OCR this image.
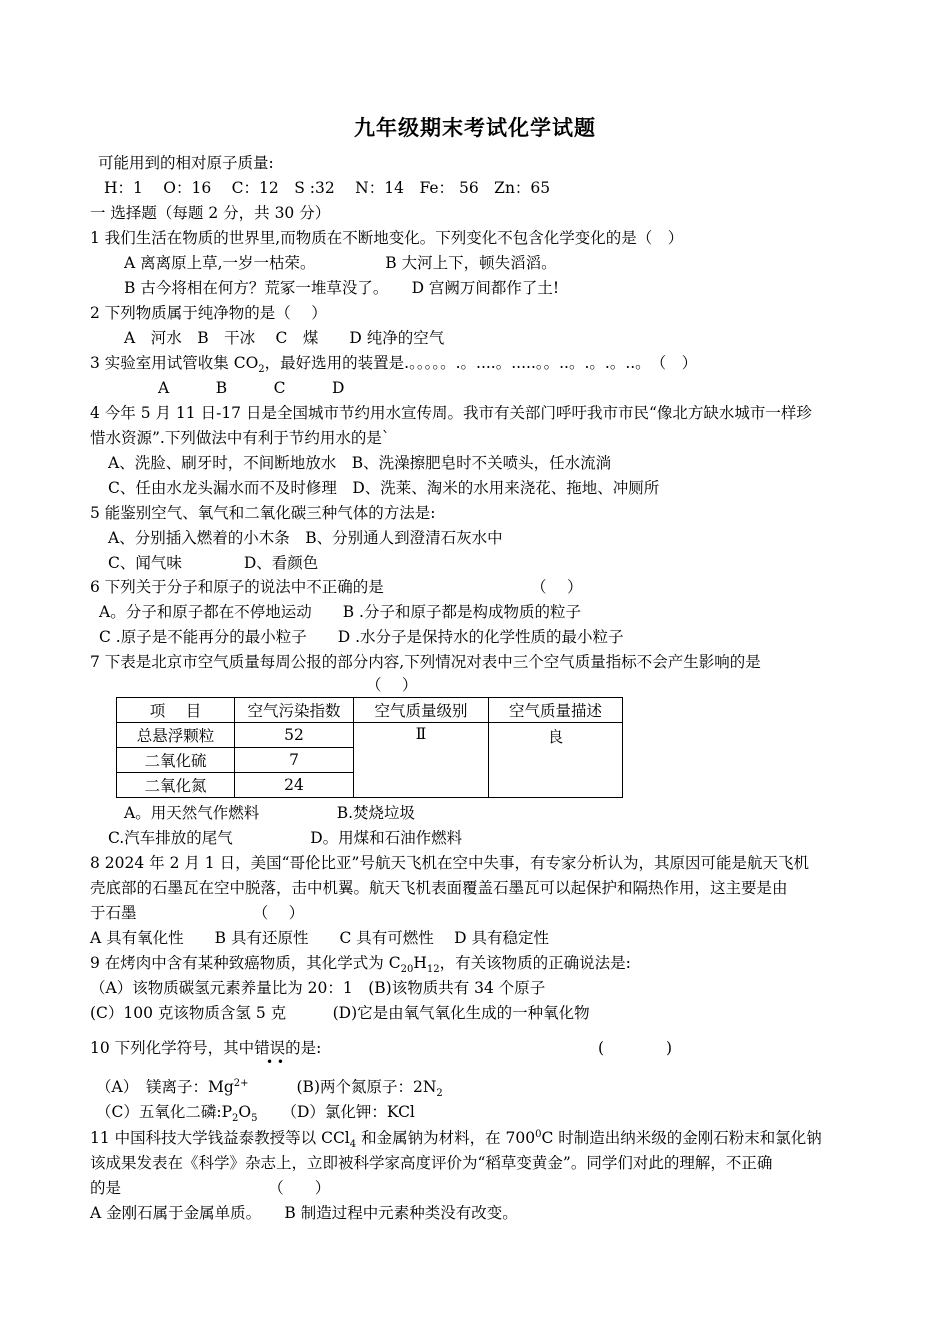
九年级期末考试化学试题
可能用到的相对原子质量:
H：1　 O：16　 C：12　S :32　 N：14　Fe： 56　Zn：65
一 选择题（每题 2 分，共 30 分）
1 我们生活在物质的世界里,而物质在不断地变化。下列变化不包含化学变化的是（　）
A 离离原上草,一岁一枯荣。　　　　　B 大河上下，顿失滔滔。
B 古今将相在何方？荒冢一堆草没了。　　D 宫阙万间都作了土!
2 下列物质属于纯净物的是（　 ）
A　河水　B　干冰　 C　煤　　D 纯净的空气
3 实验室用试管收集 $CO_2$，最好选用的装置是.。。。。。.。....。.....。。..。.。.。..。　（　）
A　　　B　　　C　　　D
4 今年 5 月 11 日-17 日是全国城市节约用水宣传周。我市有关部门呼吁我市市民“像北方缺水城市一样珍
惜水资源”.下列做法中有利于节约用水的是`
A、洗脸、刷牙时，不间断地放水　B、洗澡擦肥皂时不关喷头，任水流淌
C、任由水龙头漏水而不及时修理　D、洗莱、淘米的水用来浇花、拖地、冲厕所
5 能鉴别空气、氧气和二氧化碳三种气体的方法是:
A、分别插入燃着的小木条　B、分别通人到澄清石灰水中
C、闻气味　　　　D、看颜色
6 下列关于分子和原子的说法中不正确的是　　　　　　　　　　（　 ）
A。分子和原子都在不停地运动　　B .分子和原子都是构成物质的粒子
C .原子是不能再分的最小粒子　　D .水分子是保持水的化学性质的最小粒子
7 下表是北京市空气质量每周公报的部分内容,下列情况对表中三个空气质量指标不会产生影响的是
（　 ）
项　 目	空气污染指数	空气质量级别	空气质量描述
总悬浮颗粒	52	Ⅱ	良
二氧化硫	7		
二氧化氮	24		
A。用天然气作燃料　　　　　B.焚烧垃圾
C.汽车排放的尾气　　　　　D。用煤和石油作燃料
8 2024 年 2 月 1 日，美国“哥伦比亚”号航天飞机在空中失事，有专家分析认为，其原因可能是航天飞机
壳底部的石墨瓦在空中脱落，击中机翼。航天飞机表面覆盖石墨瓦可以起保护和隔热作用，这主要是由
于石墨　　　　　　　　（　 ）
A 具有氧化性　　B 具有还原性　　C 具有可燃性　 D 具有稳定性
9 在烤肉中含有某种致癌物质，其化学式为 $C_{20}H_{12}$，有关该物质的正确说法是:
（A）该物质碳氢元素养量比为 20：1　(B)该物质共有 34 个原子
(C）100 克该物质含氢 5 克　　　(D)它是由氧气氧化生成的一种氧化物
10 下列化学符号，其中错误的是:	(　　　　)
• •
（A）　镁离子：$Mg^{2+}$	(B)两个氮原子：$2N_2$
（C）五氧化二磷$:P_2O_5$ （D）氯化钾：KCl
11 中国科技大学钱益泰教授等以 CCl$_4$ 和金属钠为材料，在 $700^0C$ 时制造出纳米级的金刚石粉末和氯化钠
该成果发表在《科学》杂志上，立即被科学家高度评价为“稻草变黄金”。同学们对此的理解，不正确
的是　　　　　　　　　　（　　）
A 金刚石属于金属单质。　　B 制造过程中元素种类没有改变。
